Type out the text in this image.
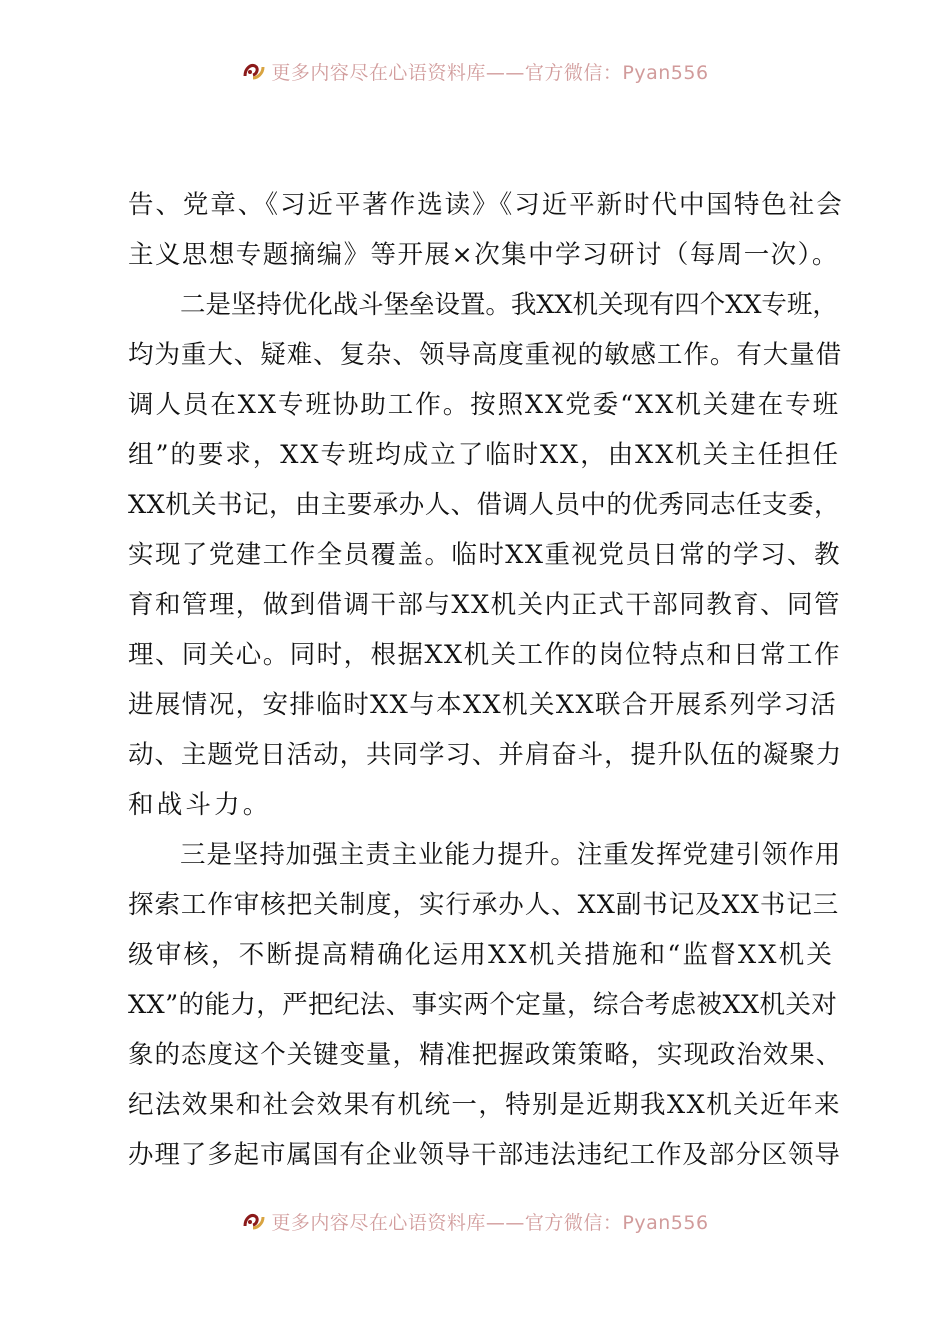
更多内容尽在心语资料库——官方微信：Pyan556
告、党章、《习近平著作选读》《习近平新时代中国特色社会
主义思想专题摘编》等开展×次集中学习研讨（每周一次）。
二是坚持优化战斗堡垒设置。我XX机关现有四个XX专班，
均为重大、疑难、复杂、领导高度重视的敏感工作。有大量借
调人员在XX专班协助工作。按照XX党委“XX机关建在专班
组”的要求，XX专班均成立了临时XX，由XX机关主任担任
XX机关书记，由主要承办人、借调人员中的优秀同志任支委，
实现了党建工作全员覆盖。临时XX重视党员日常的学习、教
育和管理，做到借调干部与XX机关内正式干部同教育、同管
理、同关心。同时，根据XX机关工作的岗位特点和日常工作
进展情况，安排临时XX与本XX机关XX联合开展系列学习活
动、主题党日活动，共同学习、并肩奋斗，提升队伍的凝聚力
和战斗力。
三是坚持加强主责主业能力提升。注重发挥党建引领作用
探索工作审核把关制度，实行承办人、XX副书记及XX书记三
级审核，不断提高精确化运用XX机关措施和“监督XX机关
XX”的能力，严把纪法、事实两个定量，综合考虑被XX机关对
象的态度这个关键变量，精准把握政策策略，实现政治效果、
纪法效果和社会效果有机统一，特别是近期我XX机关近年来
办理了多起市属国有企业领导干部违法违纪工作及部分区领导
更多内容尽在心语资料库——官方微信：Pyan556
